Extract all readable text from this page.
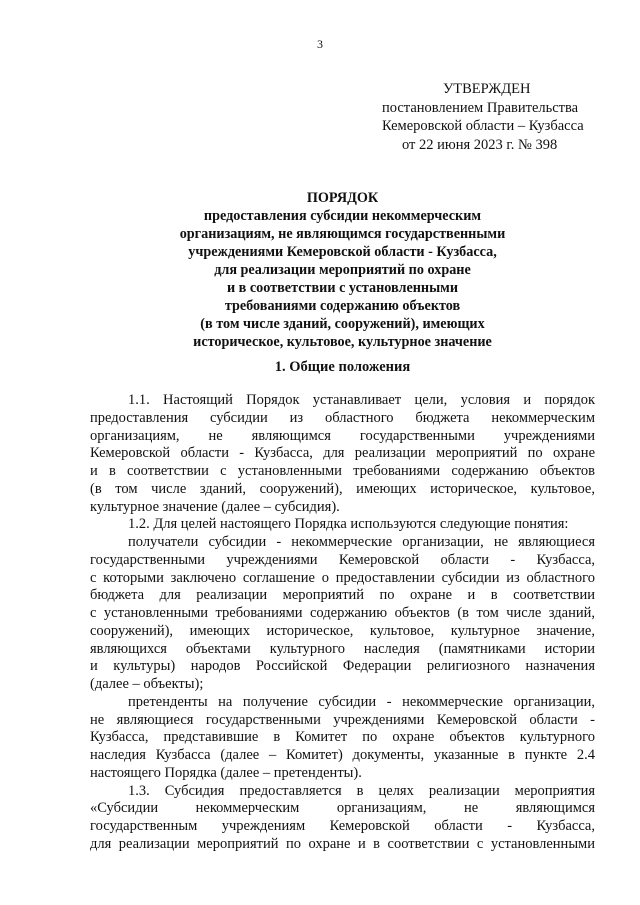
3
УТВЕРЖДЕН
постановлением Правительства
Кемеровской области – Кузбасса
от 22 июня 2023 г. № 398
ПОРЯДОК
предоставления субсидии некоммерческим
организациям, не являющимся государственными
учреждениями Кемеровской области - Кузбасса,
для реализации мероприятий по охране
и в соответствии с установленными
требованиями содержанию объектов
(в том числе зданий, сооружений), имеющих
историческое, культовое, культурное значение
1. Общие положения
1.1. Настоящий Порядок устанавливает цели, условия и порядок
предоставления субсидии из областного бюджета некоммерческим
организациям, не являющимся государственными учреждениями
Кемеровской области - Кузбасса, для реализации мероприятий по охране
и в соответствии с установленными требованиями содержанию объектов
(в том числе зданий, сооружений), имеющих историческое, культовое,
культурное значение (далее – субсидия).
1.2. Для целей настоящего Порядка используются следующие понятия:
получатели субсидии - некоммерческие организации, не являющиеся
государственными учреждениями Кемеровской области - Кузбасса,
с которыми заключено соглашение о предоставлении субсидии из областного
бюджета для реализации мероприятий по охране и в соответствии
с установленными требованиями содержанию объектов (в том числе зданий,
сооружений), имеющих историческое, культовое, культурное значение,
являющихся объектами культурного наследия (памятниками истории
и культуры) народов Российской Федерации религиозного назначения
(далее – объекты);
претенденты на получение субсидии - некоммерческие организации,
не являющиеся государственными учреждениями Кемеровской области -
Кузбасса, представившие в Комитет по охране объектов культурного
наследия Кузбасса (далее – Комитет) документы, указанные в пункте 2.4
настоящего Порядка (далее – претенденты).
1.3. Субсидия предоставляется в целях реализации мероприятия
«Субсидии некоммерческим организациям, не являющимся
государственным учреждениям Кемеровской области - Кузбасса,
для реализации мероприятий по охране и в соответствии с установленными
